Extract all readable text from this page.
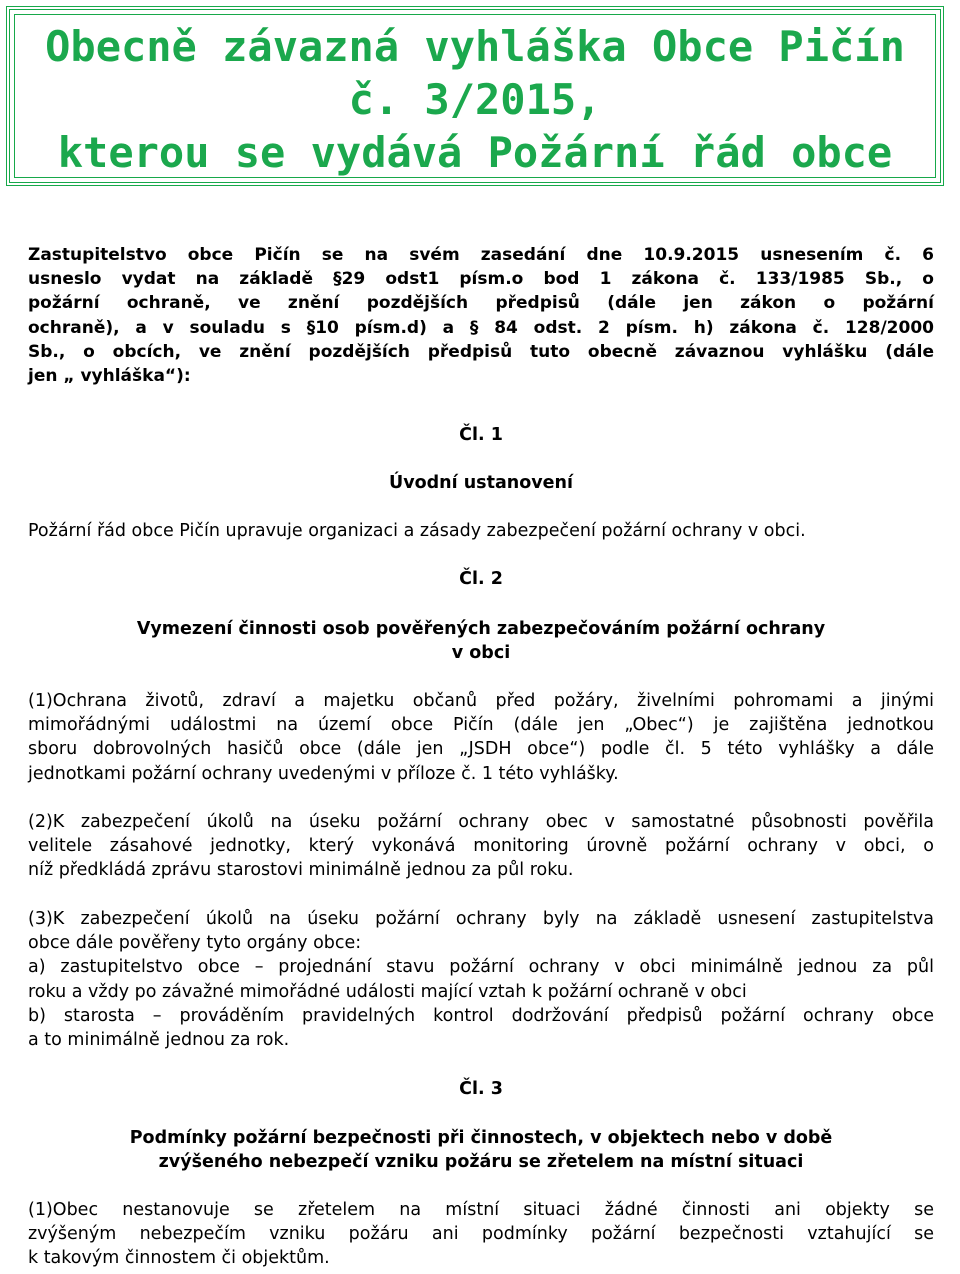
Obecně závazná vyhláška Obce Pičín
č. 3/2015,
kterou se vydává Požární řád obce

Zastupitelstvo obce Pičín se na svém zasedání dne 10.9.2015 usnesením č. 6
usneslo vydat na základě §29 odst1 písm.o bod 1 zákona č. 133/1985 Sb., o
požární ochraně, ve znění pozdějších předpisů (dále jen zákon o požární
ochraně), a v souladu s §10 písm.d) a § 84 odst. 2 písm. h) zákona č. 128/2000
Sb., o obcích, ve znění pozdějších předpisů tuto obecně závaznou vyhlášku (dále
jen „ vyhláška“):

Čl. 1
Úvodní ustanovení

Požární řád obce Pičín upravuje organizaci a zásady zabezpečení požární ochrany v obci.

Čl. 2
Vymezení činnosti osob pověřených zabezpečováním požární ochrany
v obci

(1)Ochrana životů, zdraví a majetku občanů před požáry, živelními pohromami a jinými
mimořádnými událostmi na území obce Pičín (dále jen „Obec“) je zajištěna jednotkou
sboru dobrovolných hasičů obce (dále jen „JSDH obce“) podle čl. 5 této vyhlášky a dále
jednotkami požární ochrany uvedenými v příloze č. 1 této vyhlášky.

(2)K zabezpečení úkolů na úseku požární ochrany obec v samostatné působnosti pověřila
velitele zásahové jednotky, který vykonává monitoring úrovně požární ochrany v obci, o
níž předkládá zprávu starostovi minimálně jednou za půl roku.

(3)K zabezpečení úkolů na úseku požární ochrany byly na základě usnesení zastupitelstva
obce dále pověřeny tyto orgány obce:
a) zastupitelstvo obce – projednání stavu požární ochrany v obci minimálně jednou za půl
roku a vždy po závažné mimořádné události mající vztah k požární ochraně v obci
b) starosta – prováděním pravidelných kontrol dodržování předpisů požární ochrany obce
a to minimálně jednou za rok.

Čl. 3
Podmínky požární bezpečnosti při činnostech, v objektech nebo v době
zvýšeného nebezpečí vzniku požáru se zřetelem na místní situaci

(1)Obec nestanovuje se zřetelem na místní situaci žádné činnosti ani objekty se
zvýšeným nebezpečím vzniku požáru ani podmínky požární bezpečnosti vztahující se
k takovým činnostem či objektům.
